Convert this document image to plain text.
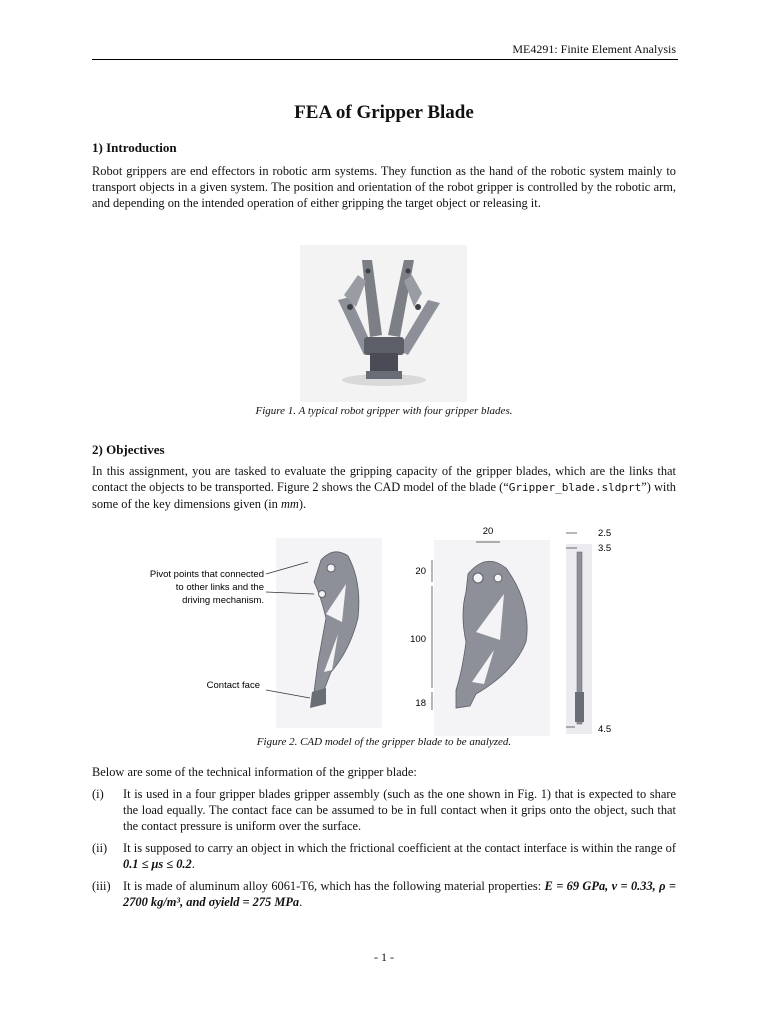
ME4291: Finite Element Analysis
FEA of Gripper Blade
1) Introduction
Robot grippers are end effectors in robotic arm systems. They function as the hand of the robotic system mainly to transport objects in a given system. The position and orientation of the robot gripper is controlled by the robotic arm, and depending on the intended operation of either gripping the target object or releasing it.
Figure 1. A typical robot gripper with four gripper blades.
2) Objectives
In this assignment, you are tasked to evaluate the gripping capacity of the gripper blades, which are the links that contact the objects to be transported. Figure 2 shows the CAD model of the blade (“Gripper_blade.sldprt”) with some of the key dimensions given (in mm).
Pivot points that connected
to other links and the
driving mechanism.
Contact face
20
20
100
18
2.5
3.5
4.5
Figure 2. CAD model of the gripper blade to be analyzed.
Below are some of the technical information of the gripper blade:
(i)	It is used in a four gripper blades gripper assembly (such as the one shown in Fig. 1) that is expected to share the load equally. The contact face can be assumed to be in full contact when it grips onto the object, such that the contact pressure is uniform over the surface.
(ii)	It is supposed to carry an object in which the frictional coefficient at the contact interface is within the range of 0.1 ≤ μs ≤ 0.2.
(iii)	It is made of aluminum alloy 6061-T6, which has the following material properties: E = 69 GPa, ν = 0.33, ρ = 2700 kg/m³, and σyield = 275 MPa.
- 1 -
